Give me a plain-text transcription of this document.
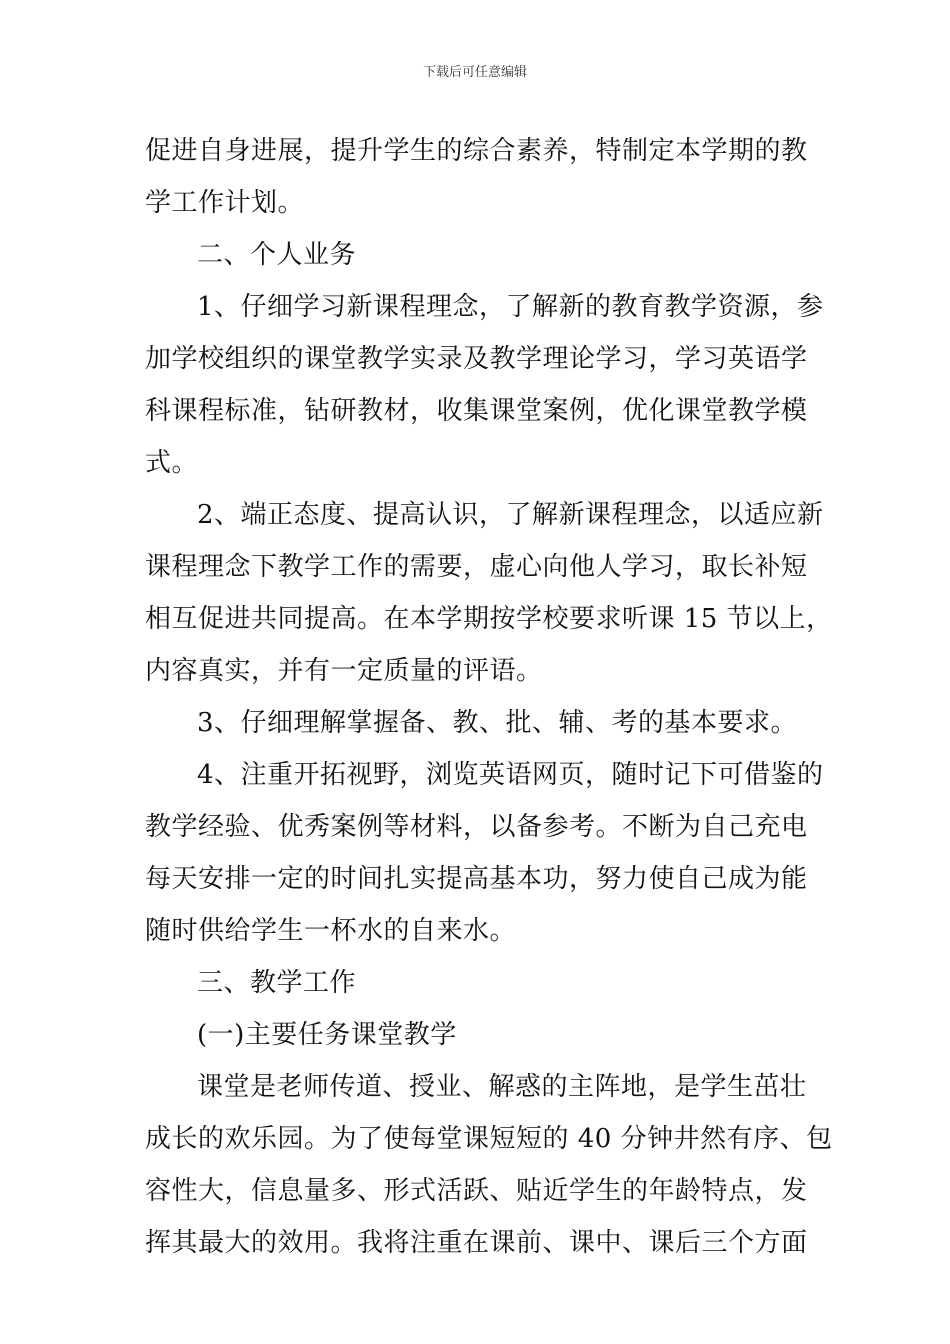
下载后可任意编辑

促进自身进展，提升学生的综合素养，特制定本学期的教
学工作计划。

二、个人业务

1、仔细学习新课程理念，了解新的教育教学资源，参
加学校组织的课堂教学实录及教学理论学习，学习英语学
科课程标准，钻研教材，收集课堂案例，优化课堂教学模
式。

2、端正态度、提高认识，了解新课程理念，以适应新
课程理念下教学工作的需要，虚心向他人学习，取长补短
相互促进共同提高。在本学期按学校要求听课 15 节以上，
内容真实，并有一定质量的评语。

3、仔细理解掌握备、教、批、辅、考的基本要求。

4、注重开拓视野，浏览英语网页，随时记下可借鉴的
教学经验、优秀案例等材料，以备参考。不断为自己充电
每天安排一定的时间扎实提高基本功，努力使自己成为能
随时供给学生一杯水的自来水。

三、教学工作

(一)主要任务课堂教学

课堂是老师传道、授业、解惑的主阵地，是学生茁壮
成长的欢乐园。为了使每堂课短短的 40 分钟井然有序、包
容性大，信息量多、形式活跃、贴近学生的年龄特点，发
挥其最大的效用。我将注重在课前、课中、课后三个方面
